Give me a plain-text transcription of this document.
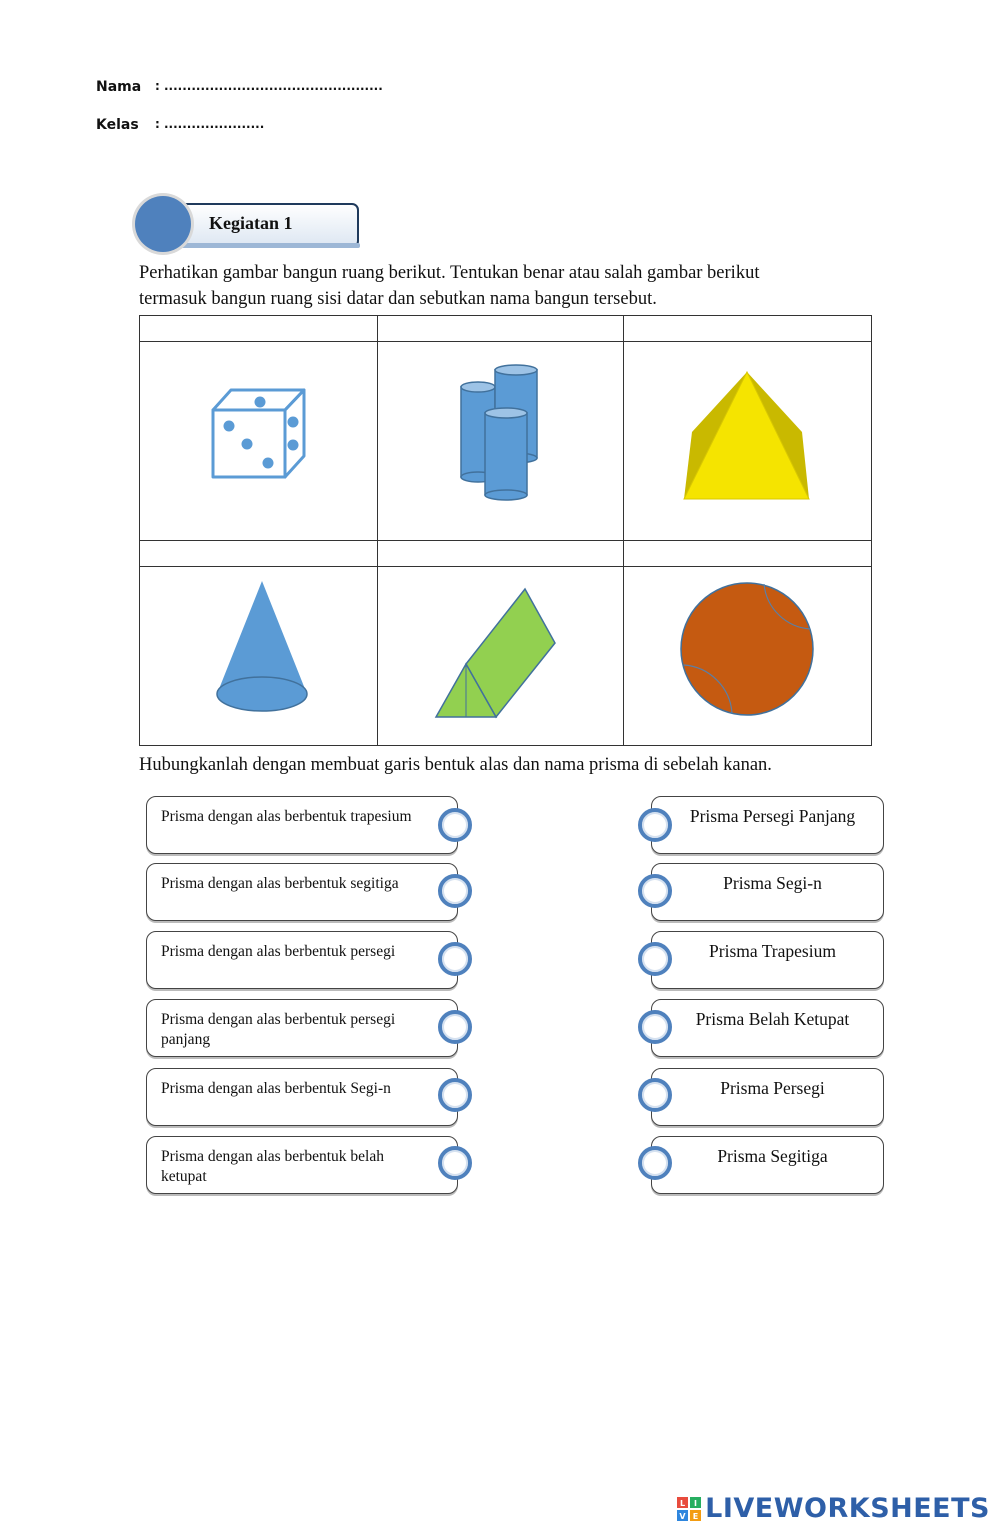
Nama : ................................................
Kelas : ......................
Kegiatan 1
Perhatikan gambar bangun ruang berikut. Tentukan benar atau salah gambar berikut
termasuk bangun ruang sisi datar dan sebutkan nama bangun tersebut.

Hubungkanlah dengan membuat garis bentuk alas dan nama prisma di sebelah kanan.
Prisma dengan alas berbentuk trapesium
Prisma dengan alas berbentuk segitiga
Prisma dengan alas berbentuk persegi
Prisma dengan alas berbentuk persegi panjang
Prisma dengan alas berbentuk Segi-n
Prisma dengan alas berbentuk belah ketupat
Prisma Persegi Panjang
Prisma Segi-n
Prisma Trapesium
Prisma Belah Ketupat
Prisma Persegi
Prisma Segitiga
L I
V E LIVEWORKSHEETS
